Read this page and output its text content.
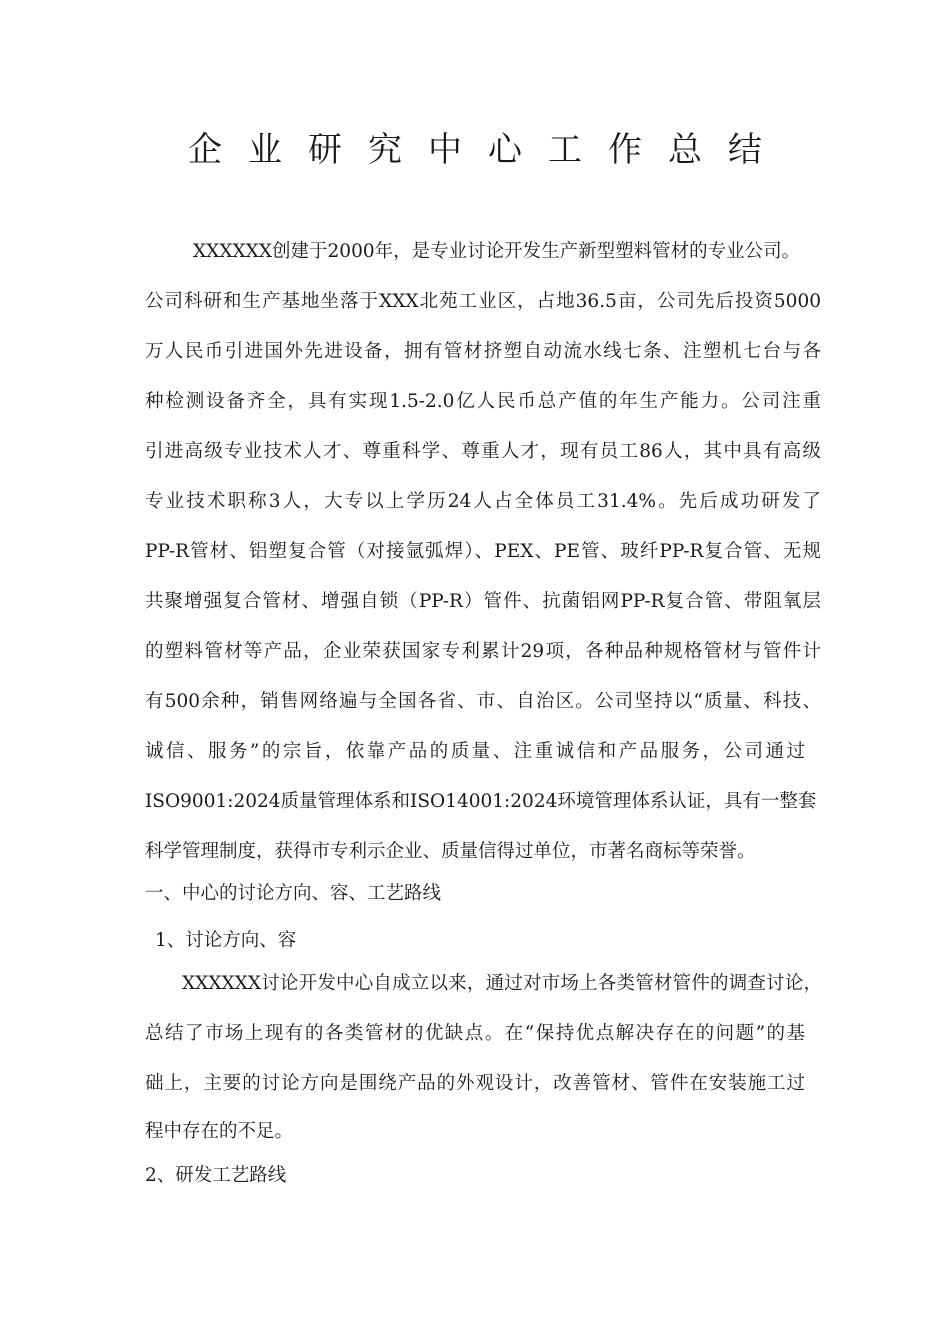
企业研究中心工作总结
XXXXXX创建于2000年，是专业讨论开发生产新型塑料管材的专业公司。
公司科研和生产基地坐落于XXX北苑工业区，占地36.5亩，公司先后投资5000
万人民币引进国外先进设备，拥有管材挤塑自动流水线七条、注塑机七台与各
种检测设备齐全，具有实现1.5-2.0亿人民币总产值的年生产能力。公司注重
引进高级专业技术人才、尊重科学、尊重人才，现有员工86人，其中具有高级
专业技术职称3人，大专以上学历24人占全体员工31.4%。先后成功研发了
PP-R管材、铝塑复合管（对接氩弧焊）、PEX、PE管、玻纤PP-R复合管、无规
共聚增强复合管材、增强自锁（PP-R）管件、抗菌铝网PP-R复合管、带阻氧层
的塑料管材等产品，企业荣获国家专利累计29项，各种品种规格管材与管件计
有500余种，销售网络遍与全国各省、市、自治区。公司坚持以“质量、科技、
诚信、服务”的宗旨，依靠产品的质量、注重诚信和产品服务，公司通过
ISO9001:2024质量管理体系和ISO14001:2024环境管理体系认证，具有一整套
科学管理制度，获得市专利示企业、质量信得过单位，市著名商标等荣誉。
一、中心的讨论方向、容、工艺路线
1、讨论方向、容
XXXXXX讨论开发中心自成立以来，通过对市场上各类管材管件的调查讨论，
总结了市场上现有的各类管材的优缺点。在“保持优点解决存在的问题”的基
础上，主要的讨论方向是围绕产品的外观设计，改善管材、管件在安装施工过
程中存在的不足。
2、研发工艺路线
